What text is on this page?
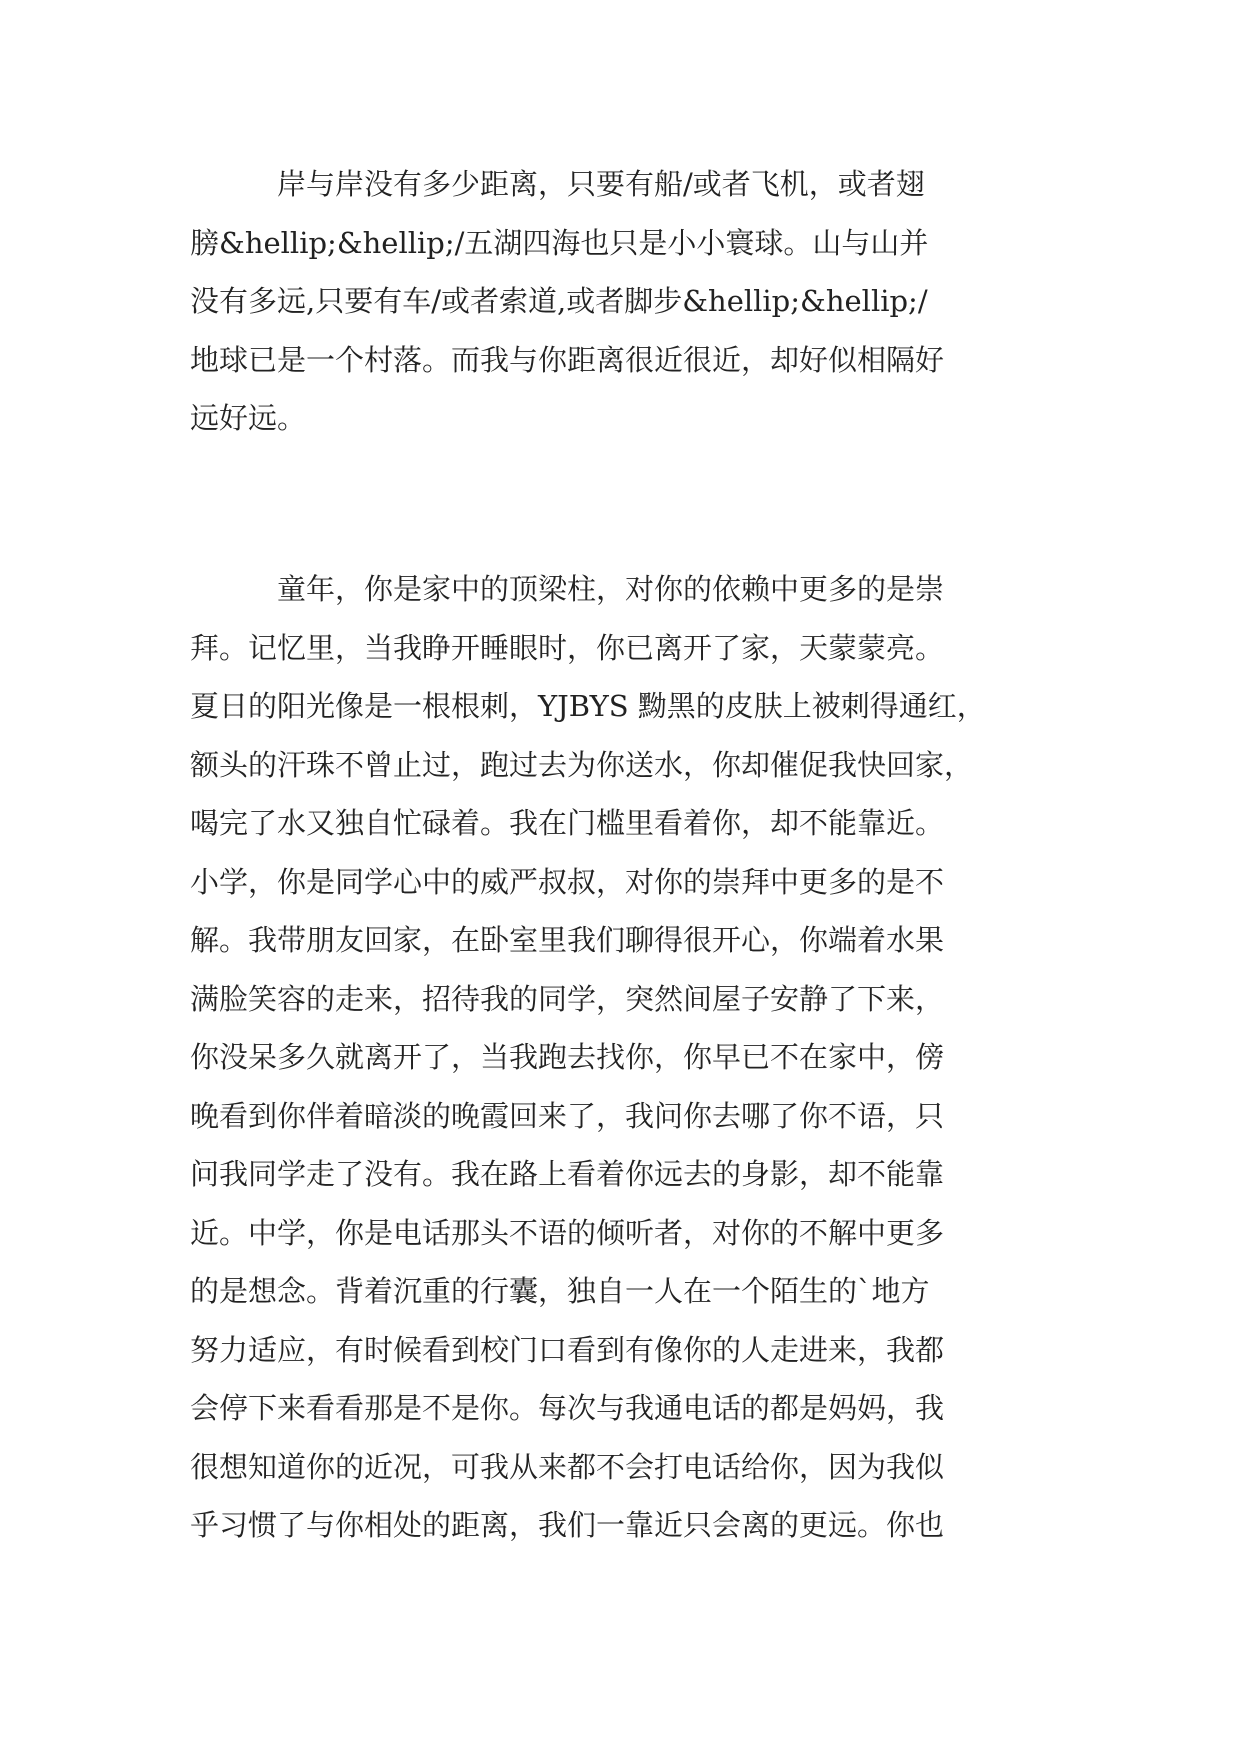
　　　岸与岸没有多少距离，只要有船/或者飞机，或者翅

膀&hellip;&hellip;/五湖四海也只是小小寰球。山与山并

没有多远,只要有车/或者索道,或者脚步&hellip;&hellip;/

地球已是一个村落。而我与你距离很近很近，却好似相隔好

远好远。

　　　童年，你是家中的顶梁柱，对你的依赖中更多的是崇

拜。记忆里，当我睁开睡眼时，你已离开了家，天蒙蒙亮。

夏日的阳光像是一根根刺，YJBYS 黝黑的皮肤上被刺得通红，

额头的汗珠不曾止过，跑过去为你送水，你却催促我快回家，

喝完了水又独自忙碌着。我在门槛里看着你，却不能靠近。

小学，你是同学心中的威严叔叔，对你的崇拜中更多的是不

解。我带朋友回家，在卧室里我们聊得很开心，你端着水果

满脸笑容的走来，招待我的同学，突然间屋子安静了下来，

你没呆多久就离开了，当我跑去找你，你早已不在家中，傍

晚看到你伴着暗淡的晚霞回来了，我问你去哪了你不语，只

问我同学走了没有。我在路上看着你远去的身影，却不能靠

近。中学，你是电话那头不语的倾听者，对你的不解中更多

的是想念。背着沉重的行囊，独自一人在一个陌生的`地方

努力适应，有时候看到校门口看到有像你的人走进来，我都

会停下来看看那是不是你。每次与我通电话的都是妈妈，我

很想知道你的近况，可我从来都不会打电话给你，因为我似

乎习惯了与你相处的距离，我们一靠近只会离的更远。你也
